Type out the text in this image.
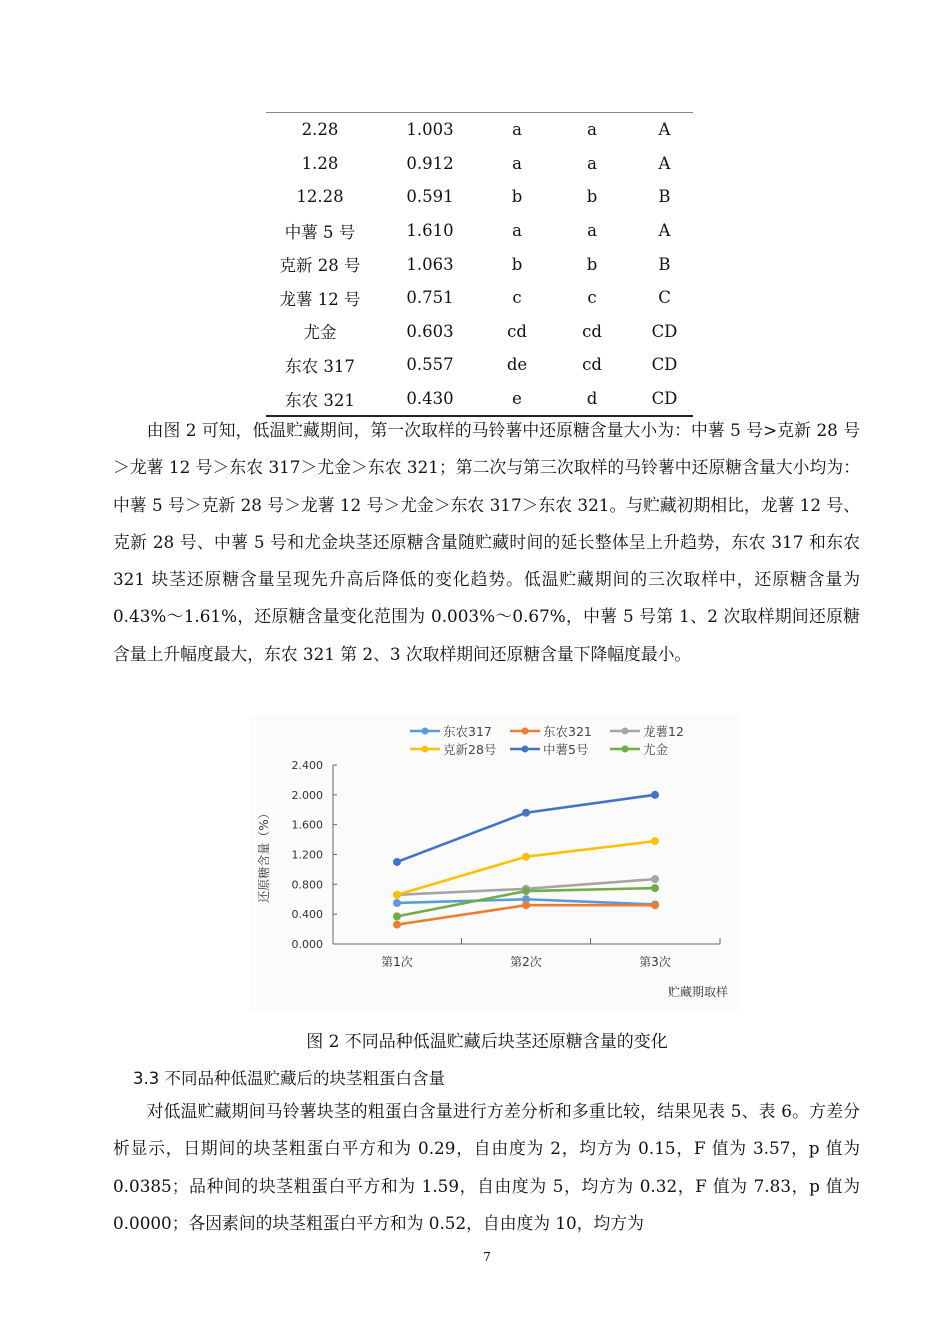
2.28	1.003	a	a	A
1.28	0.912	a	a	A
12.28	0.591	b	b	B
中薯 5 号	1.610	a	a	A
克新 28 号	1.063	b	b	B
龙薯 12 号	0.751	c	c	C
尤金	0.603	cd	cd	CD
东农 317	0.557	de	cd	CD
东农 321	0.430	e	d	CD

由图 2 可知，低温贮藏期间，第一次取样的马铃薯中还原糖含量大小为：中薯 5 号>克新 28 号＞龙薯 12 号＞东农 317＞尤金＞东农 321；第二次与第三次取样的马铃薯中还原糖含量大小均为：中薯 5 号＞克新 28 号＞龙薯 12 号＞尤金＞东农 317＞东农 321。与贮藏初期相比，龙薯 12 号、克新 28 号、中薯 5 号和尤金块茎还原糖含量随贮藏时间的延长整体呈上升趋势，东农 317 和东农 321 块茎还原糖含量呈现先升高后降低的变化趋势。低温贮藏期间的三次取样中，还原糖含量为 0.43%～1.61%，还原糖含量变化范围为 0.003%～0.67%，中薯 5 号第 1、2 次取样期间还原糖含量上升幅度最大，东农 321 第 2、3 次取样期间还原糖含量下降幅度最小。

0.000
0.400
0.800
1.200
1.600
2.000
2.400
第1次	第2次	第3次
贮藏期取样
还原糖含量（%）
东农317	东农321	龙薯12
克新28号	中薯5号	尤金
图 2 不同品种低温贮藏后块茎还原糖含量的变化
3.3 不同品种低温贮藏后的块茎粗蛋白含量

对低温贮藏期间马铃薯块茎的粗蛋白含量进行方差分析和多重比较，结果见表 5、表 6。方差分析显示，日期间的块茎粗蛋白平方和为 0.29，自由度为 2，均方为 0.15，F 值为 3.57，p 值为 0.0385；品种间的块茎粗蛋白平方和为 1.59，自由度为 5，均方为 0.32，F 值为 7.83，p 值为 0.0000；各因素间的块茎粗蛋白平方和为 0.52，自由度为 10，均方为

7
